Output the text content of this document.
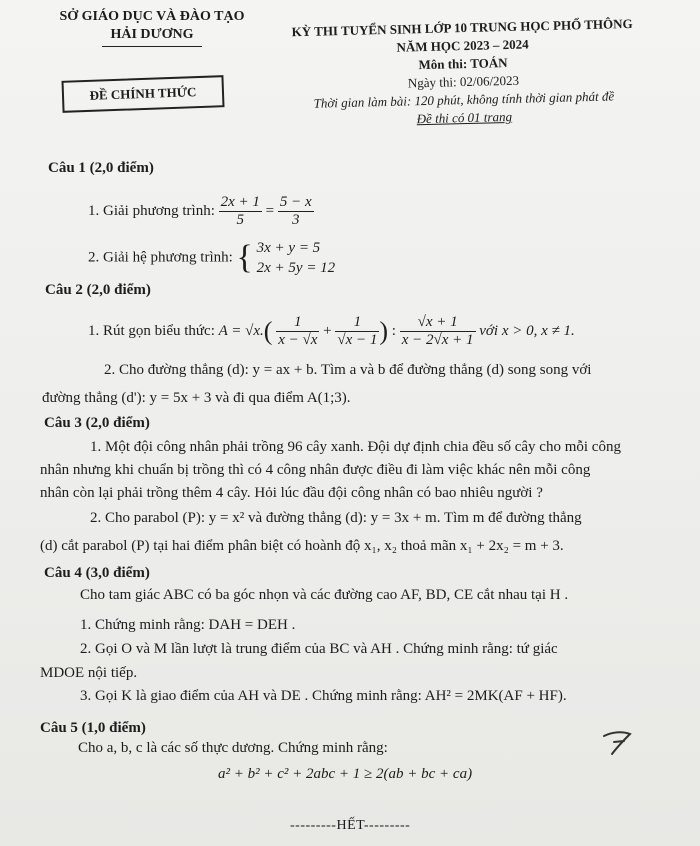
SỞ GIÁO DỤC VÀ ĐÀO TẠO
HẢI DƯƠNG	KỲ THI TUYỂN SINH LỚP 10 TRUNG HỌC PHỔ THÔNG
NĂM HỌC 2023 – 2024
Môn thi: TOÁN
Ngày thi: 02/06/2023
Thời gian làm bài: 120 phút, không tính thời gian phát đề
Đề thi có 01 trang
ĐỀ CHÍNH THỨC
Câu 1 (2,0 điểm)
1. Giải phương trình: $\frac{2x + 1}{5} = \frac{5 - x}{3}$
2. Giải hệ phương trình: { 3x + y = 5
2x + 5y = 12
Câu 2 (2,0 điểm)
1. Rút gọn biểu thức: $A = √x.( \frac{1}{x - √x} + \frac{1}{√x - 1}$ ) : $\frac{√x + 1}{x - 2√x + 1}$ với x > 0, x ≠ 1.
2. Cho đường thẳng (d): y = ax + b. Tìm a và b để đường thẳng (d) song song với
đường thẳng (d'): y = 5x + 3 và đi qua điểm A(1;3).
Câu 3 (2,0 điểm)
1. Một đội công nhân phải trồng 96 cây xanh. Đội dự định chia đều số cây cho mỗi công
nhân nhưng khi chuẩn bị trồng thì có 4 công nhân được điều đi làm việc khác nên mỗi công
nhân còn lại phải trồng thêm 4 cây. Hỏi lúc đầu đội công nhân có bao nhiêu người ?
2. Cho parabol (P): y = x² và đường thẳng (d): y = 3x + m. Tìm m để đường thẳng
(d) cắt parabol (P) tại hai điểm phân biệt có hoành độ x₁, x₂ thoả mãn x₁ + 2x₂ = m + 3.
Câu 4 (3,0 điểm)
Cho tam giác ABC có ba góc nhọn và các đường cao AF, BD, CE cắt nhau tại H .
1. Chứng minh rằng: DAH = DEH .
2. Gọi O và M lần lượt là trung điểm của BC và AH . Chứng minh rằng: tứ giác
MDOE nội tiếp.
3. Gọi K là giao điểm của AH và DE . Chứng minh rằng: AH² = 2MK(AF + HF).
Câu 5 (1,0 điểm)
Cho a, b, c là các số thực dương. Chứng minh rằng:
a² + b² + c² + 2abc + 1 ≥ 2(ab + bc + ca)
---------HẾT---------
